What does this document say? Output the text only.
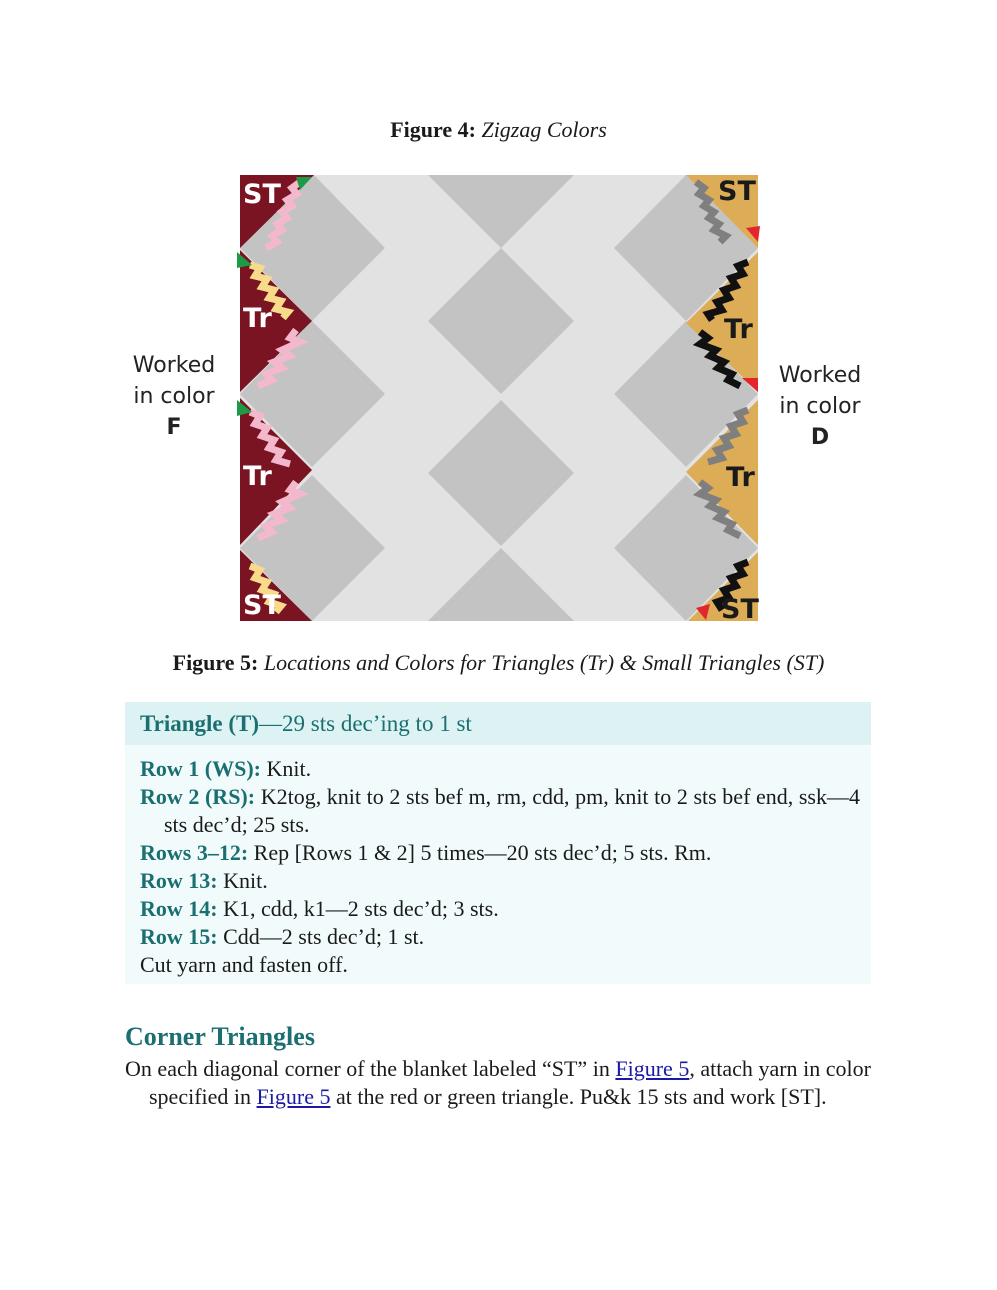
Figure 4: Zigzag Colors
ST
Tr
Tr
ST
ST
Tr
Tr
ST
Worked
in color
F
Worked
in color
D
Figure 5: Locations and Colors for Triangles (Tr) & Small Triangles (ST)
Triangle (T)—29 sts dec’ing to 1 st

Row 1 (WS): Knit.

Row 2 (RS): K2tog, knit to 2 sts bef m, rm, cdd, pm, knit to 2 sts bef end, ssk—4 sts dec’d; 25 sts.

Rows 3–12: Rep [Rows 1 & 2] 5 times—20 sts dec’d; 5 sts. Rm.

Row 13: Knit.

Row 14: K1, cdd, k1—2 sts dec’d; 3 sts.

Row 15: Cdd—2 sts dec’d; 1 st.

Cut yarn and fasten off.

Corner Triangles
On each diagonal corner of the blanket labeled “ST” in Figure 5, attach yarn in color specified in Figure 5 at the red or green triangle. Pu&k 15 sts and work [ST].
